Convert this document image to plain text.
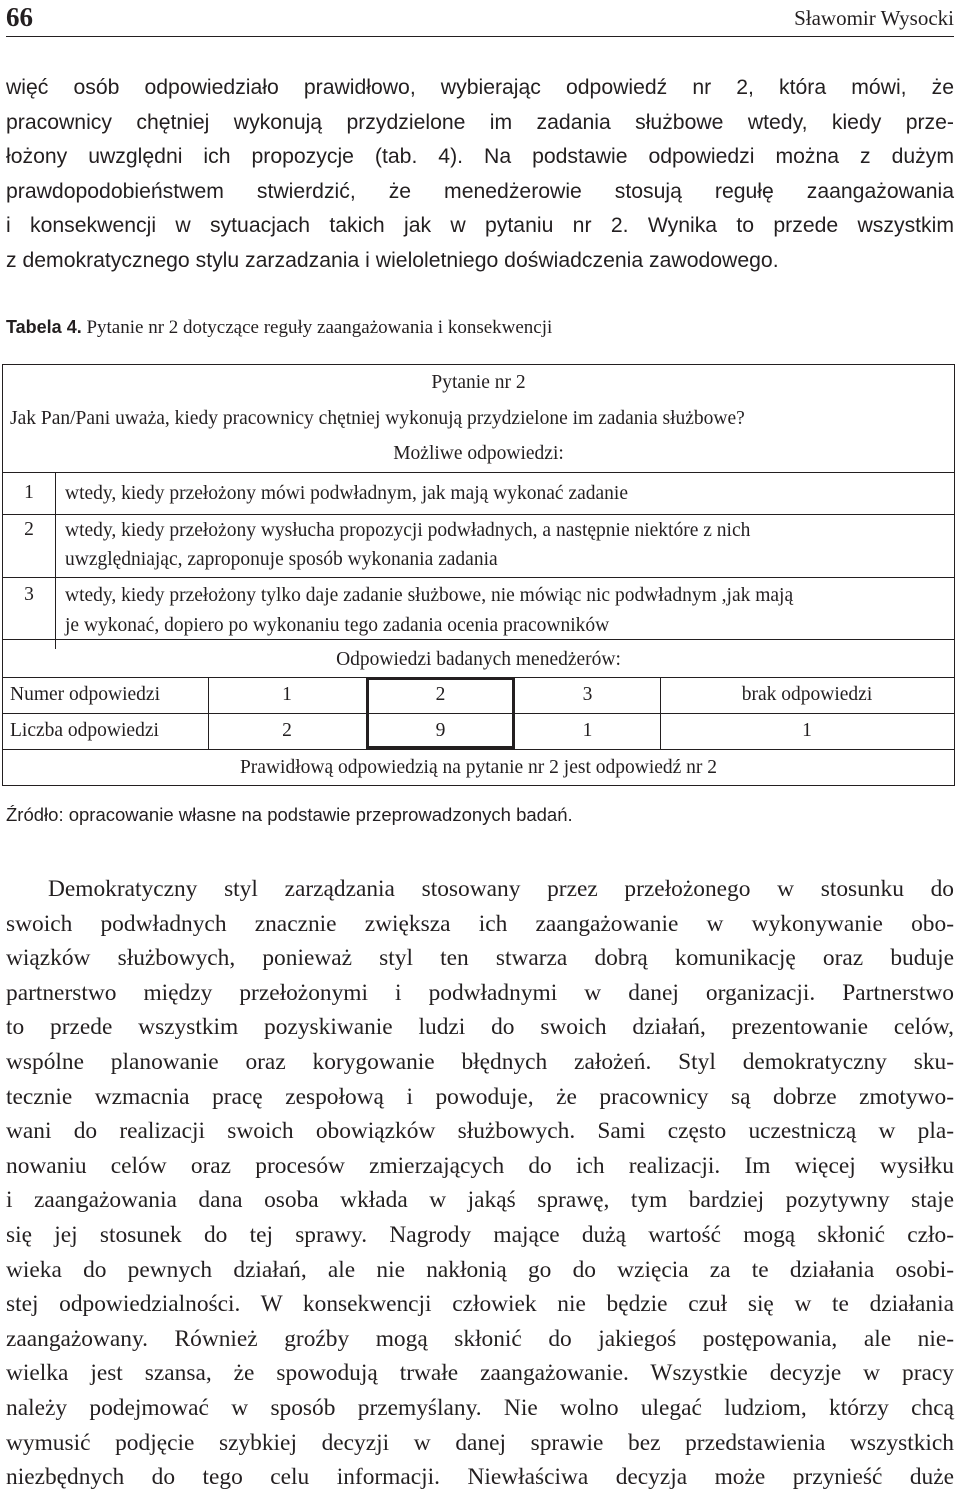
66	Sławomir Wysocki
więć osób odpowiedziało prawidłowo, wybierając odpowiedź nr 2, która mówi, że
pracownicy chętniej wykonują przydzielone im zadania służbowe wtedy, kiedy prze-
łożony uwzględni ich propozycje (tab. 4). Na podstawie odpowiedzi można z dużym
prawdopodobieństwem stwierdzić, że menedżerowie stosują regułę zaangażowania
i konsekwencji w sytuacjach takich jak w pytaniu nr 2. Wynika to przede wszystkim
z demokratycznego stylu zarzadzania i wieloletniego doświadczenia zawodowego.
Tabela 4. Pytanie nr 2 dotyczące reguły zaangażowania i konsekwencji
Pytanie nr 2
Jak Pan/Pani uważa, kiedy pracownicy chętniej wykonują przydzielone im zadania służbowe?
Możliwe odpowiedzi:
1	wtedy, kiedy przełożony mówi podwładnym, jak mają wykonać zadanie
2	wtedy, kiedy przełożony wysłucha propozycji podwładnych, a następnie niektóre z nich
uwzględniając, zaproponuje sposób wykonania zadania
3	wtedy, kiedy przełożony tylko daje zadanie służbowe, nie mówiąc nic podwładnym ,jak mają
je wykonać, dopiero po wykonaniu tego zadania ocenia pracowników
Odpowiedzi badanych menedżerów:
Numer odpowiedzi	1	2	3	brak odpowiedzi
Liczba odpowiedzi	2	9	1	1
Prawidłową odpowiedzią na pytanie nr 2 jest odpowiedź nr 2
Źródło: opracowanie własne na podstawie przeprowadzonych badań.
Demokratyczny styl zarządzania stosowany przez przełożonego w stosunku do
swoich podwładnych znacznie zwiększa ich zaangażowanie w wykonywanie obo-
wiązków służbowych, ponieważ styl ten stwarza dobrą komunikację oraz buduje
partnerstwo między przełożonymi i podwładnymi w danej organizacji. Partnerstwo
to przede wszystkim pozyskiwanie ludzi do swoich działań, prezentowanie celów,
wspólne planowanie oraz korygowanie błędnych założeń. Styl demokratyczny sku-
tecznie wzmacnia pracę zespołową i powoduje, że pracownicy są dobrze zmotywo-
wani do realizacji swoich obowiązków służbowych. Sami często uczestniczą w pla-
nowaniu celów oraz procesów zmierzających do ich realizacji. Im więcej wysiłku
i zaangażowania dana osoba wkłada w jakąś sprawę, tym bardziej pozytywny staje
się jej stosunek do tej sprawy. Nagrody mające dużą wartość mogą skłonić czło-
wieka do pewnych działań, ale nie nakłonią go do wzięcia za te działania osobi-
stej odpowiedzialności. W konsekwencji człowiek nie będzie czuł się w te działania
zaangażowany. Również groźby mogą skłonić do jakiegoś postępowania, ale nie-
wielka jest szansa, że spowodują trwałe zaangażowanie. Wszystkie decyzje w pracy
należy podejmować w sposób przemyślany. Nie wolno ulegać ludziom, którzy chcą
wymusić podjęcie szybkiej decyzji w danej sprawie bez przedstawienia wszystkich
niezbędnych do tego celu informacji. Niewłaściwa decyzja może przynieść duże
